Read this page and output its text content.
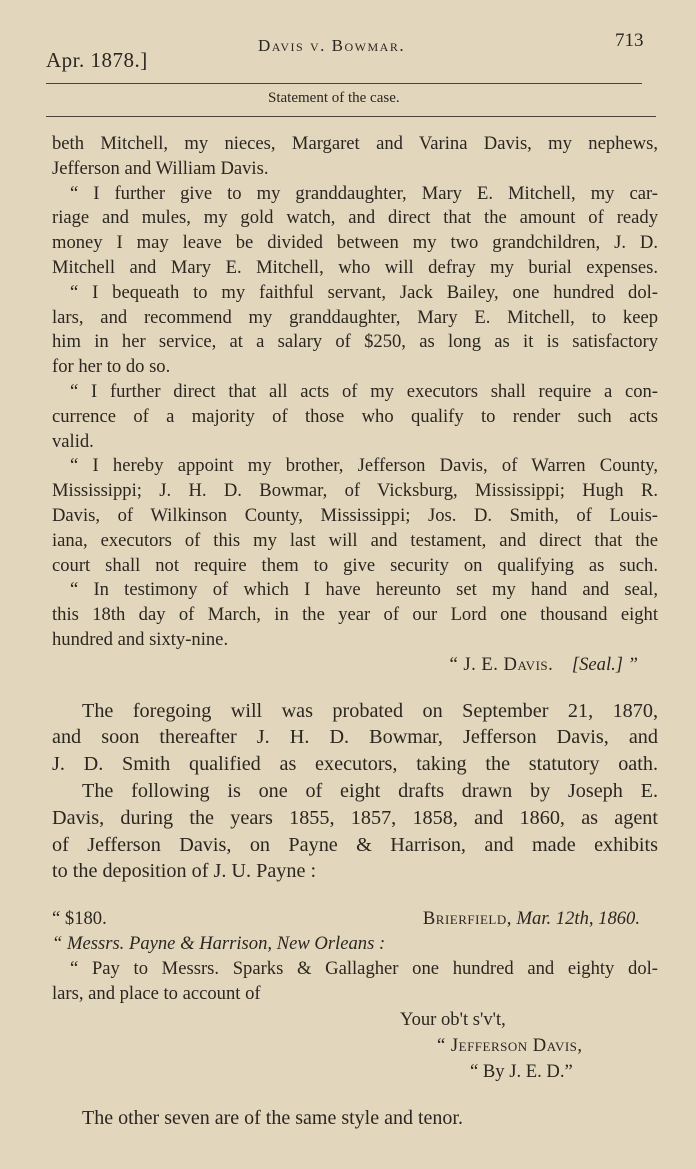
Apr. 1878.]
Davis v. Bowmar.	713
Statement of the case.
beth Mitchell, my nieces, Margaret and Varina Davis, my nephews,
Jefferson and William Davis.
“ I further give to my granddaughter, Mary E. Mitchell, my car-
riage and mules, my gold watch, and direct that the amount of ready
money I may leave be divided between my two grandchildren, J. D.
Mitchell and Mary E. Mitchell, who will defray my burial expenses.
“ I bequeath to my faithful servant, Jack Bailey, one hundred dol-
lars, and recommend my granddaughter, Mary E. Mitchell, to keep
him in her service, at a salary of $250, as long as it is satisfactory
for her to do so.
“ I further direct that all acts of my executors shall require a con-
currence of a majority of those who qualify to render such acts
valid.
“ I hereby appoint my brother, Jefferson Davis, of Warren County,
Mississippi; J. H. D. Bowmar, of Vicksburg, Mississippi; Hugh R.
Davis, of Wilkinson County, Mississippi; Jos. D. Smith, of Louis-
iana, executors of this my last will and testament, and direct that the
court shall not require them to give security on qualifying as such.
“ In testimony of which I have hereunto set my hand and seal,
this 18th day of March, in the year of our Lord one thousand eight
hundred and sixty-nine.
“ J. E. Davis. [Seal.] ”
The foregoing will was probated on September 21, 1870,
and soon thereafter J. H. D. Bowmar, Jefferson Davis, and
J. D. Smith qualified as executors, taking the statutory oath.
The following is one of eight drafts drawn by Joseph E.
Davis, during the years 1855, 1857, 1858, and 1860, as agent
of Jefferson Davis, on Payne & Harrison, and made exhibits
to the deposition of J. U. Payne :
“ $180.	Brierfield, Mar. 12th, 1860.
“ Messrs. Payne & Harrison, New Orleans :
“ Pay to Messrs. Sparks & Gallagher one hundred and eighty dol-
lars, and place to account of
Your ob't s'v't,
“ Jefferson Davis,
“ By J. E. D.”
The other seven are of the same style and tenor.
